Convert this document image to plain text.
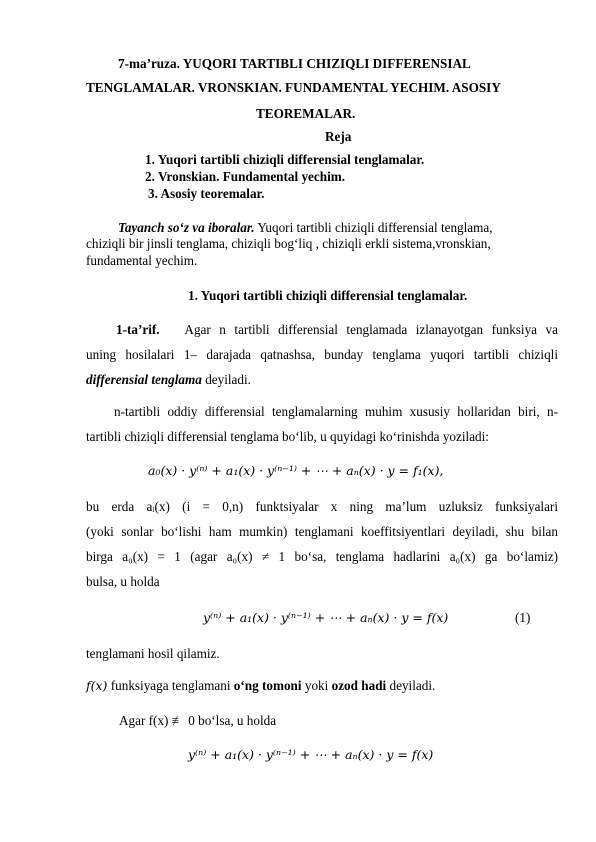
7-ma’ruza. YUQORI TARTIBLI CHIZIQLI DIFFERENSIAL
TENGLAMALAR. VRONSKIAN. FUNDAMENTAL YECHIM. ASOSIY
TEOREMALAR.
Reja
1. Yuqori tartibli chiziqli differensial tenglamalar.
2. Vronskian. Fundamental yechim.
3. Asosiy teoremalar.
Tayanch so‘z va iboralar. Yuqori tartibli chiziqli differensial tenglama,
chiziqli bir jinsli tenglama, chiziqli bog‘liq , chiziqli erkli sistema,vronskian,
fundamental yechim.
1. Yuqori tartibli chiziqli differensial tenglamalar.
1-ta’rif. Agar n tartibli differensial tenglamada izlanayotgan funksiya va
uning hosilalari 1– darajada qatnashsa, bunday tenglama yuqori tartibli chiziqli
differensial tenglama deyiladi.
n-tartibli oddiy differensial tenglamalarning muhim xususiy hollaridan biri, n-
tartibli chiziqli differensial tenglama bo‘lib, u quyidagi ko‘rinishda yoziladi:
a₀(x) · y⁽ⁿ⁾ + a₁(x) · y⁽ⁿ⁻¹⁾ + ⋯ + aₙ(x) · y = f₁(x),
bu erda aᵢ(x) (i = 0,n) funktsiyalar x ning ma’lum uzluksiz funksiyalari
(yoki sonlar bo‘lishi ham mumkin) tenglamani koeffitsiyentlari deyiladi, shu bilan
birga a₀(x) = 1 (agar a₀(x) ≠ 1 bo‘sa, tenglama hadlarini a₀(x) ga bo‘lamiz)
bulsa, u holda
y⁽ⁿ⁾ + a₁(x) · y⁽ⁿ⁻¹⁾ + ⋯ + aₙ(x) · y = f(x)	(1)
tenglamani hosil qilamiz.
f(x) funksiyaga tenglamani o‘ng tomoni yoki ozod hadi deyiladi.
Agar f(x) ≢ 0 bo‘lsa, u holda
y⁽ⁿ⁾ + a₁(x) · y⁽ⁿ⁻¹⁾ + ⋯ + aₙ(x) · y = f(x)
